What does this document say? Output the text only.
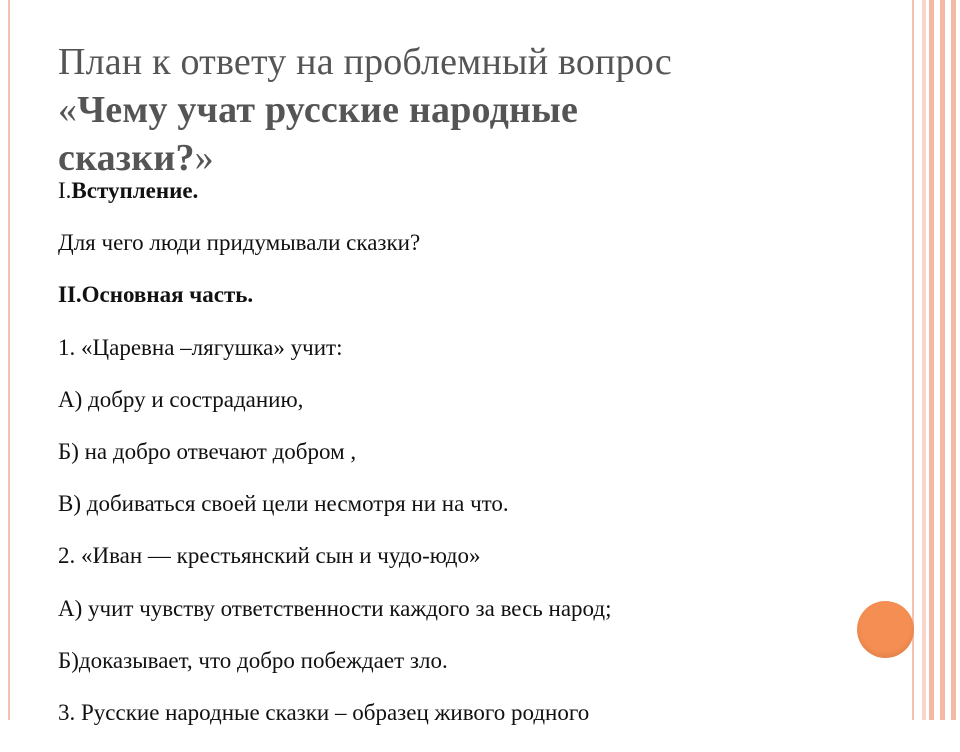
План к ответу на проблемный вопрос
«Чему учат русские народные
сказки?»
I.Вступление.
Для чего люди придумывали сказки?
II.Основная часть.
1. «Царевна –лягушка» учит:
А) добру и состраданию,
Б) на добро отвечают добром ,
В) добиваться своей цели несмотря ни на что.
2. «Иван — крестьянский сын и чудо-юдо»
А) учит чувству ответственности каждого за весь народ;
Б)доказывает, что добро побеждает зло.
3. Русские народные сказки – образец живого родного
